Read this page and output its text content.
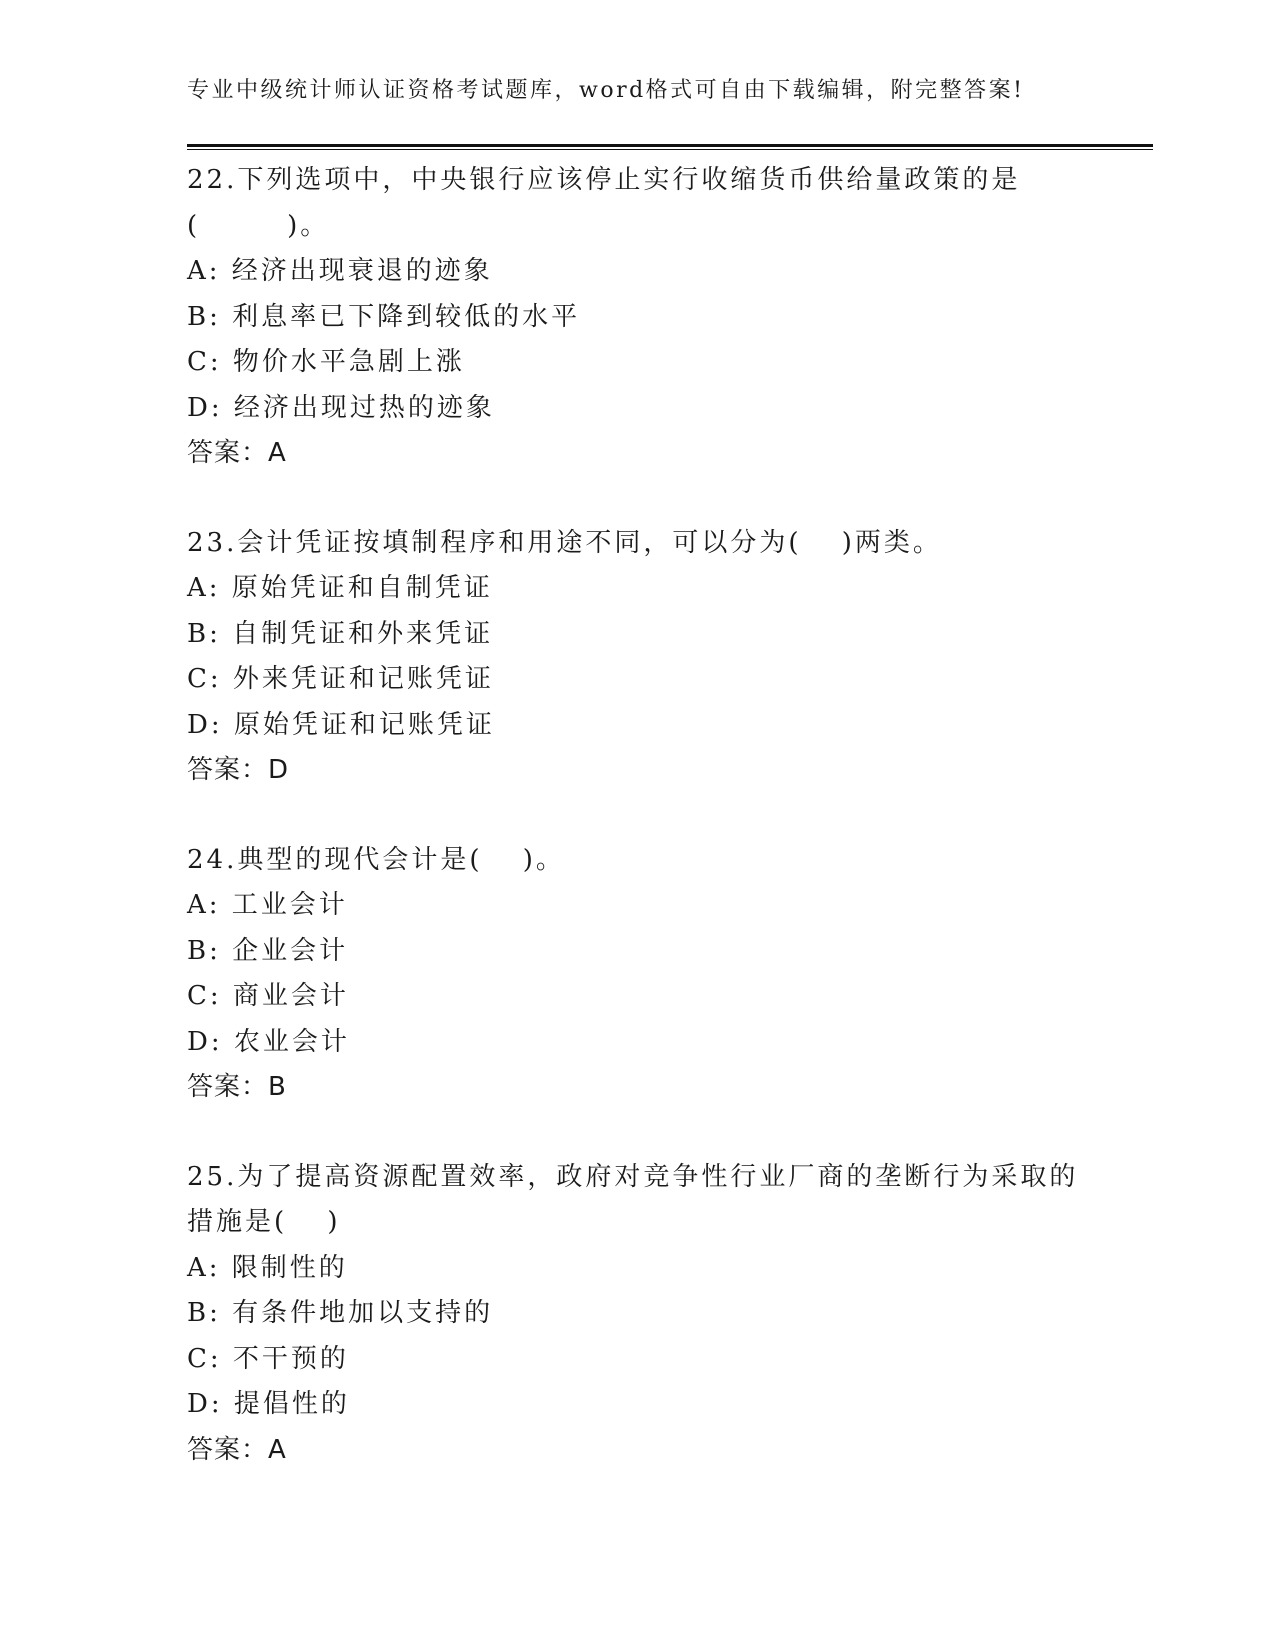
专业中级统计师认证资格考试题库，word格式可自由下载编辑，附完整答案!
22.下列选项中，中央银行应该停止实行收缩货币供给量政策的是
(　　　)。
A: 经济出现衰退的迹象
B: 利息率已下降到较低的水平
C: 物价水平急剧上涨
D: 经济出现过热的迹象
答案：A
23.会计凭证按填制程序和用途不同，可以分为(　 )两类。
A: 原始凭证和自制凭证
B: 自制凭证和外来凭证
C: 外来凭证和记账凭证
D: 原始凭证和记账凭证
答案：D
24.典型的现代会计是(　 )。
A: 工业会计
B: 企业会计
C: 商业会计
D: 农业会计
答案：B
25.为了提高资源配置效率，政府对竞争性行业厂商的垄断行为采取的
措施是(　 )
A: 限制性的
B: 有条件地加以支持的
C: 不干预的
D: 提倡性的
答案：A
